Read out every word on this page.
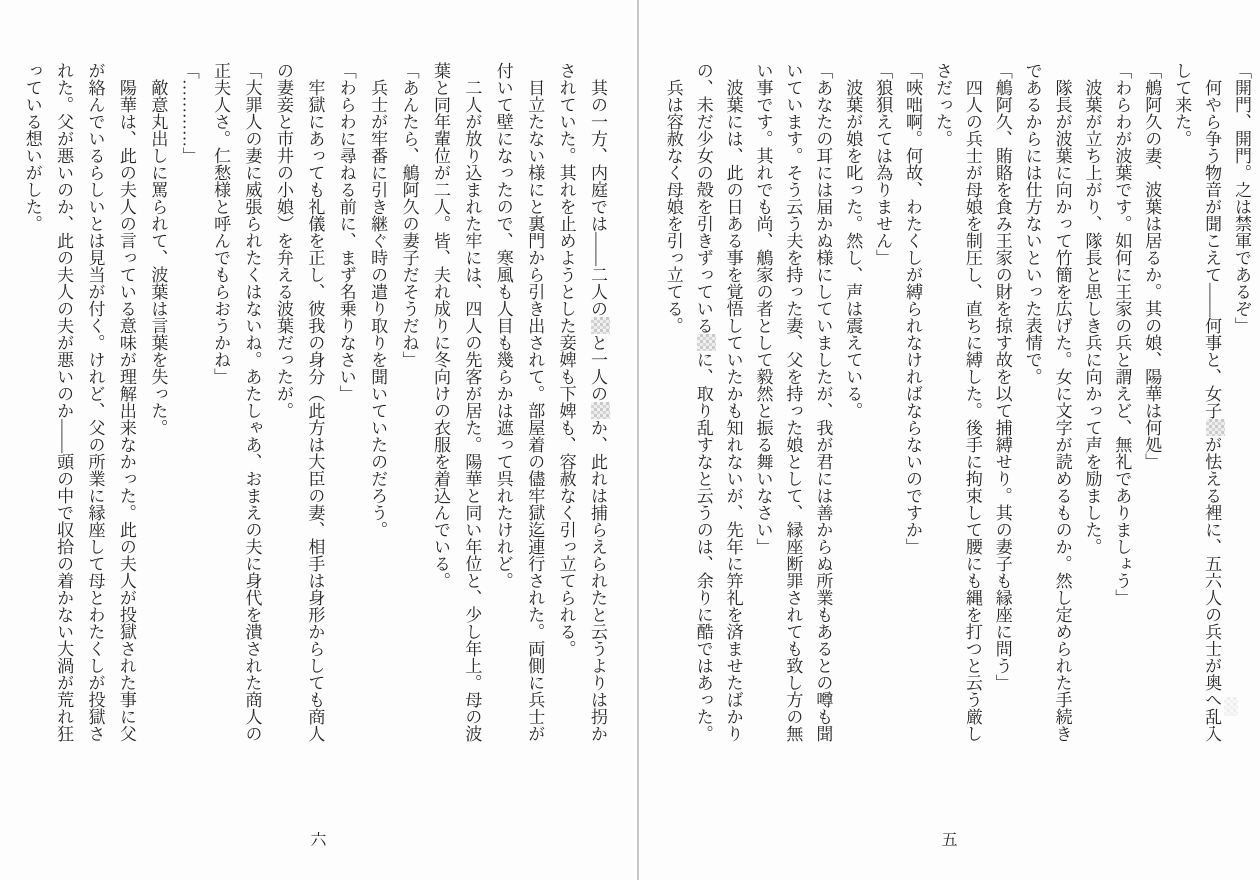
其の一方、内庭では――二人のと一人のか、此れは捕らえられたと云うよりは拐かされていた。其れを止めようとした妾婢も下婢も、容赦なく引っ立てられる。

目立たない様にと裏門から引き出されて。部屋着の儘牢獄迄連行された。両側に兵士が付いて壁になったので、寒風も人目も幾らかは遮って呉れたけれど。

二人が放り込まれた牢には、四人の先客が居た。陽華と同い年位と、少し年上。母の波葉と同年輩位が二人。皆、夫れ成りに冬向けの衣服を着込んでいる。

「あんたら、鵃阿久の妻子だそうだね」

兵士が牢番に引き継ぐ時の遣り取りを聞いていたのだろう。

「わらわに尋ねる前に、まず名乗りなさい」

牢獄にあっても礼儀を正し、彼我の身分（此方は大臣の妻、相手は身形からしても商人の妻妾と市井の小娘）を弁える波葉だったが。

「大罪人の妻に威張られたくはないね。あたしゃあ、おまえの夫に身代を潰された商人の正夫人さ。仁愁様と呼んでもらおうかね」

「…………」

敵意丸出しに罵られて、波葉は言葉を失った。

陽華は、此の夫人の言っている意味が理解出来なかった。此の夫人が投獄された事に父が絡んでいるらしいとは見当が付く。けれど、父の所業に縁座して母とわたくしが投獄された。父が悪いのか、此の夫人の夫が悪いのか――頭の中で収拾の着かない大渦が荒れ狂っている想いがした。

六

「開門、開門。之は禁軍であるぞ」

何やら争う物音が聞こえて――何事と、女子が怯える裡に、五六人の兵士が奥へ乱入して来た。

「鵃阿久の妻、波葉は居るか。其の娘、陽華は何処」

「わらわが波葉です。如何に王家の兵と謂えど、無礼でありましょう」

波葉が立ち上がり、隊長と思しき兵に向かって声を励ました。

隊長が波葉に向かって竹簡を広げた。女に文字が読めるものか。然し定められた手続きであるからには仕方ないといった表情で。

「鵃阿久、賄賂を食み王家の財を掠す故を以て捕縛せり。其の妻子も縁座に問う」

四人の兵士が母娘を制圧し、直ちに縛した。後手に拘束して腰にも縄を打つと云う厳しさだった。

「唊咄啊。何故、わたくしが縛られなければならないのですか」

「狼狽えては為りません」

波葉が娘を叱った。然し、声は震えている。

「あなたの耳には届かぬ様にしていましたが、我が君には善からぬ所業もあるとの噂も聞いています。そう云う夫を持った妻、父を持った娘として、縁座断罪されても致し方の無い事です。其れでも尚、鵃家の者として毅然と振る舞いなさい」

波葉には、此の日ある事を覚悟していたかも知れないが、先年に笄礼を済ませたばかりの、未だ少女の殻を引きずっているに、取り乱すなと云うのは、余りに酷ではあった。

兵は容赦なく母娘を引っ立てる。

五
